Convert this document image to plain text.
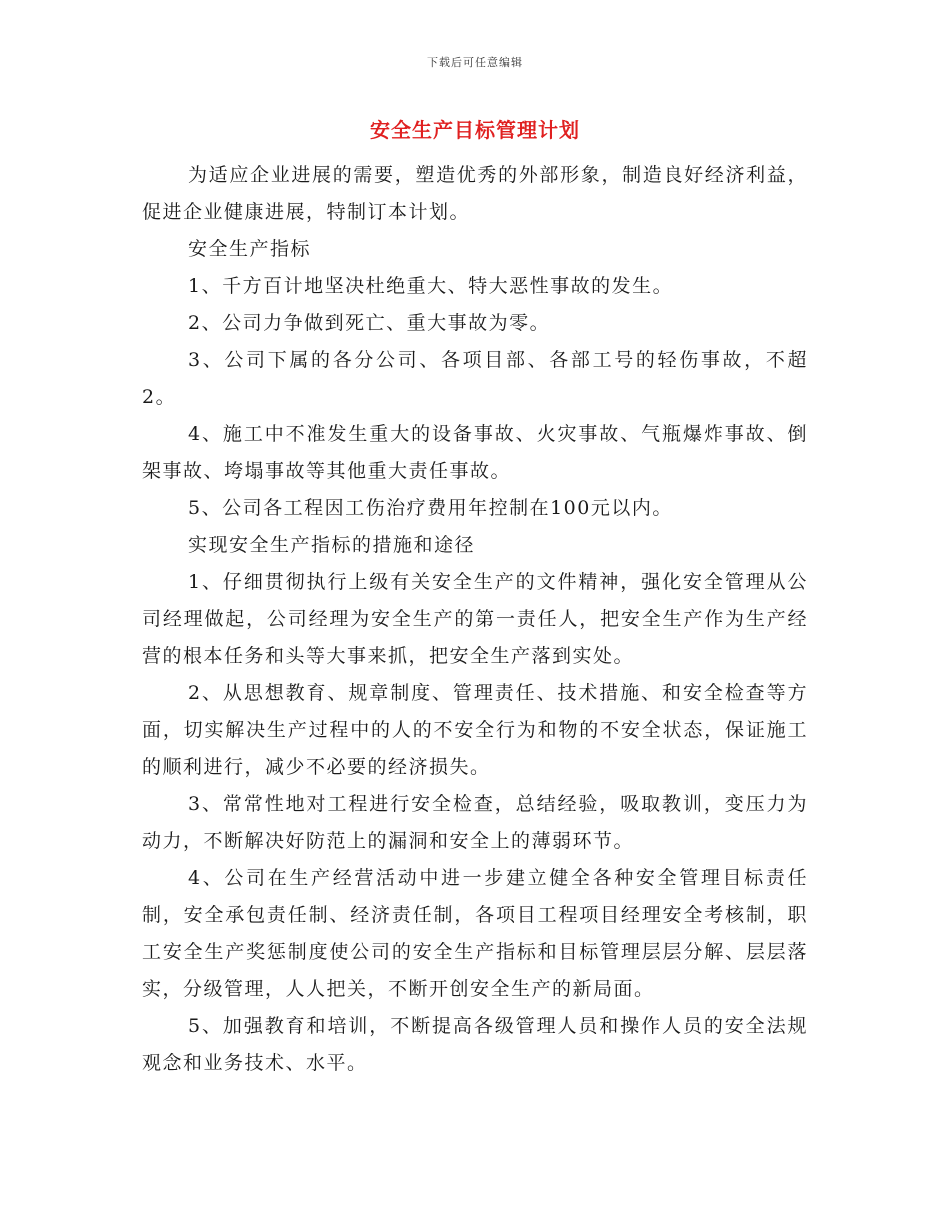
下载后可任意编辑
安全生产目标管理计划

为适应企业进展的需要，塑造优秀的外部形象，制造良好经济利益，促进企业健康进展，特制订本计划。

安全生产指标

1、千方百计地坚决杜绝重大、特大恶性事故的发生。

2、公司力争做到死亡、重大事故为零。

3、公司下属的各分公司、各项目部、各部工号的轻伤事故，不超2。

4、施工中不准发生重大的设备事故、火灾事故、气瓶爆炸事故、倒架事故、垮塌事故等其他重大责任事故。

5、公司各工程因工伤治疗费用年控制在100元以内。

实现安全生产指标的措施和途径

1、仔细贯彻执行上级有关安全生产的文件精神，强化安全管理从公司经理做起，公司经理为安全生产的第一责任人，把安全生产作为生产经营的根本任务和头等大事来抓，把安全生产落到实处。

2、从思想教育、规章制度、管理责任、技术措施、和安全检查等方面，切实解决生产过程中的人的不安全行为和物的不安全状态，保证施工的顺利进行，减少不必要的经济损失。

3、常常性地对工程进行安全检查，总结经验，吸取教训，变压力为动力，不断解决好防范上的漏洞和安全上的薄弱环节。

4、公司在生产经营活动中进一步建立健全各种安全管理目标责任制，安全承包责任制、经济责任制，各项目工程项目经理安全考核制，职工安全生产奖惩制度使公司的安全生产指标和目标管理层层分解、层层落实，分级管理，人人把关，不断开创安全生产的新局面。

5、加强教育和培训，不断提高各级管理人员和操作人员的安全法规观念和业务技术、水平。
